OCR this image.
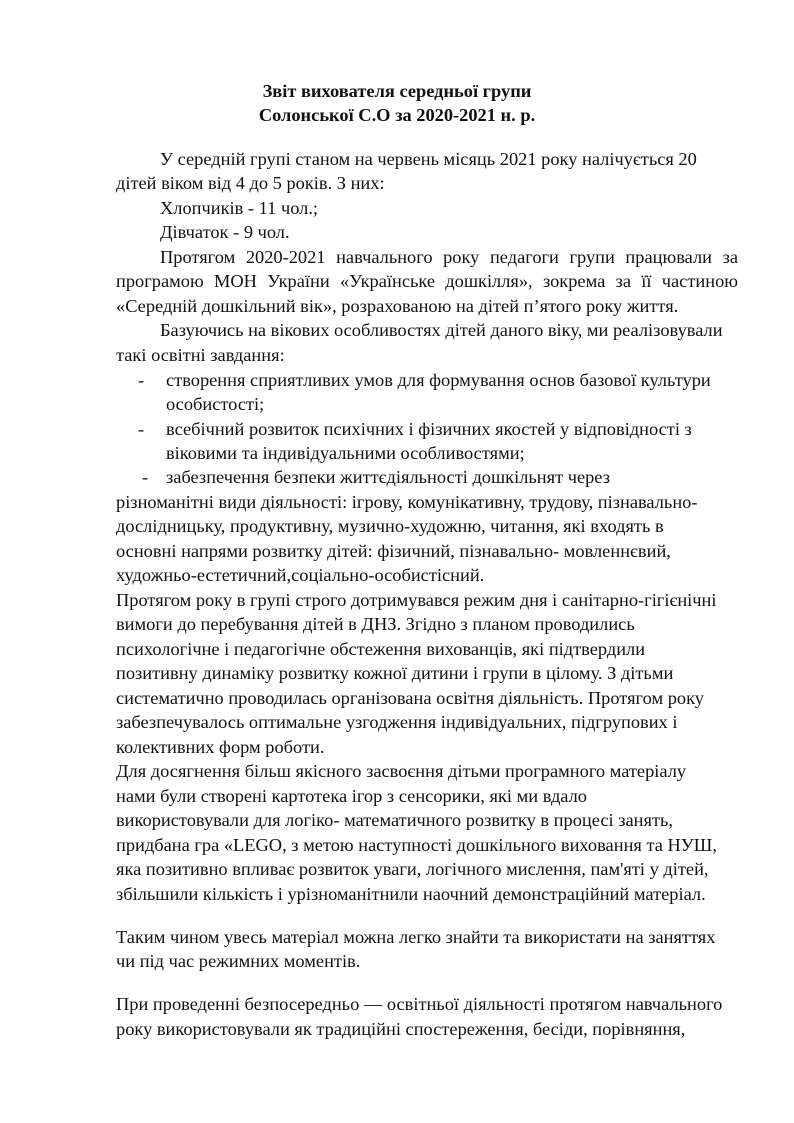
Звіт вихователя середньої групи

Солонської С.О за 2020-2021 н. р.

У середній групі станом на червень місяць 2021 року налічується 20

дітей віком від 4 до 5 років. З них:

Хлопчиків - 11 чол.;

Дівчаток - 9 чол.

Протягом 2020-2021 навчального року педагоги групи працювали за

програмою МОН України «Українське дошкілля», зокрема за її частиною

«Середній дошкільний вік», розрахованою на дітей п’ятого року життя.

Базуючись на вікових особливостях дітей даного віку, ми реалізовували

такі освітні завдання:

- створення сприятливих умов для формування основ базової культури

особистості;

- всебічний розвиток психічних і фізичних якостей у відповідності з

віковими та індивідуальними особливостями;

- забезпечення безпеки життєдіяльності дошкільнят через

різноманітні види діяльності: ігрову, комунікативну, трудову, пізнавально-

дослідницьку, продуктивну, музично-художню, читання, які входять в

основні напрями розвитку дітей: фізичний, пізнавально- мовленнєвий,

художньо-естетичний,соціально-особистісний.

Протягом року в групі строго дотримувався режим дня і санітарно-гігієнічні

вимоги до перебування дітей в ДНЗ. Згідно з планом проводились

психологічне і педагогічне обстеження вихованців, які підтвердили

позитивну динаміку розвитку кожної дитини і групи в цілому. З дітьми

систематично проводилась організована освітня діяльність. Протягом року

забезпечувалось оптимальне узгодження індивідуальних, підгрупових і

колективних форм роботи.

Для досягнення більш якісного засвоєння дітьми програмного матеріалу

нами були створені картотека ігор з сенсорики, які ми вдало

використовували для логіко- математичного розвитку в процесі занять,

придбана гра «LEGO, з метою наступності дошкільного виховання та НУШ,

яка позитивно впливає розвиток уваги, логічного мислення, пам'яті у дітей,

збільшили кількість і урізноманітнили наочний демонстраційний матеріал.

Таким чином увесь матеріал можна легко знайти та використати на заняттях

чи під час режимних моментів.

При проведенні безпосередньо — освітньої діяльності протягом навчального

року використовували як традиційні спостереження, бесіди, порівняння,
